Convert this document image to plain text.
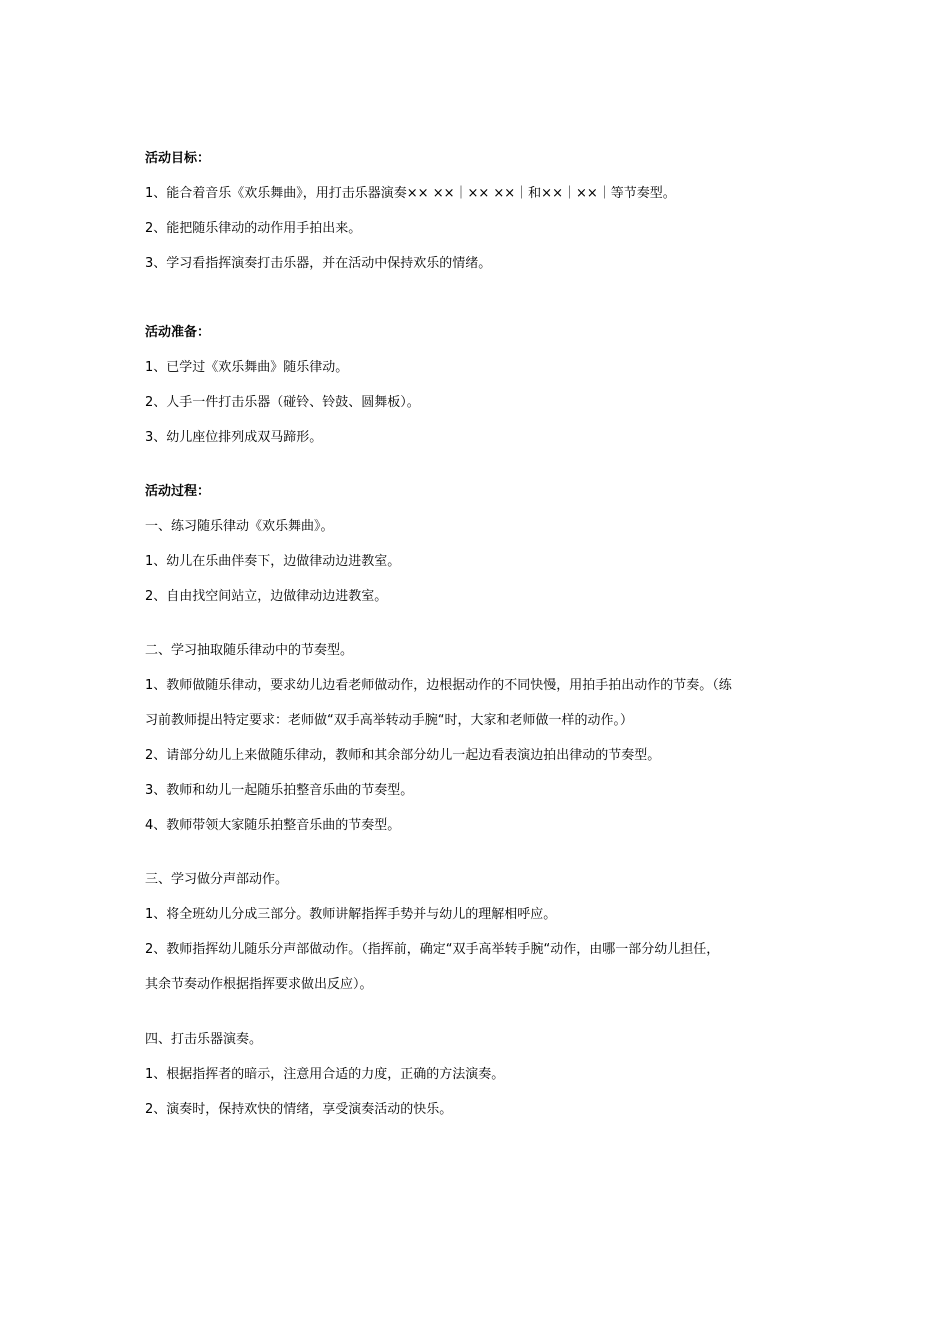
活动目标：
1、能合着音乐《欢乐舞曲》，用打击乐器演奏×× ××｜×× ××｜和××｜××｜等节奏型。
2、能把随乐律动的动作用手拍出来。
3、学习看指挥演奏打击乐器，并在活动中保持欢乐的情绪。
活动准备：
1、已学过《欢乐舞曲》随乐律动。
2、人手一件打击乐器（碰铃、铃鼓、圆舞板）。
3、幼儿座位排列成双马蹄形。
活动过程：
一、练习随乐律动《欢乐舞曲》。
1、幼儿在乐曲伴奏下，边做律动边进教室。
2、自由找空间站立，边做律动边进教室。
二、学习抽取随乐律动中的节奏型。
1、教师做随乐律动，要求幼儿边看老师做动作，边根据动作的不同快慢，用拍手拍出动作的节奏。（练
习前教师提出特定要求：老师做“双手高举转动手腕“时，大家和老师做一样的动作。）
2、请部分幼儿上来做随乐律动，教师和其余部分幼儿一起边看表演边拍出律动的节奏型。
3、教师和幼儿一起随乐拍整音乐曲的节奏型。
4、教师带领大家随乐拍整音乐曲的节奏型。
三、学习做分声部动作。
1、将全班幼儿分成三部分。教师讲解指挥手势并与幼儿的理解相呼应。
2、教师指挥幼儿随乐分声部做动作。（指挥前，确定“双手高举转手腕“动作，由哪一部分幼儿担任，
其余节奏动作根据指挥要求做出反应）。
四、打击乐器演奏。
1、根据指挥者的暗示，注意用合适的力度，正确的方法演奏。
2、演奏时，保持欢快的情绪，享受演奏活动的快乐。
